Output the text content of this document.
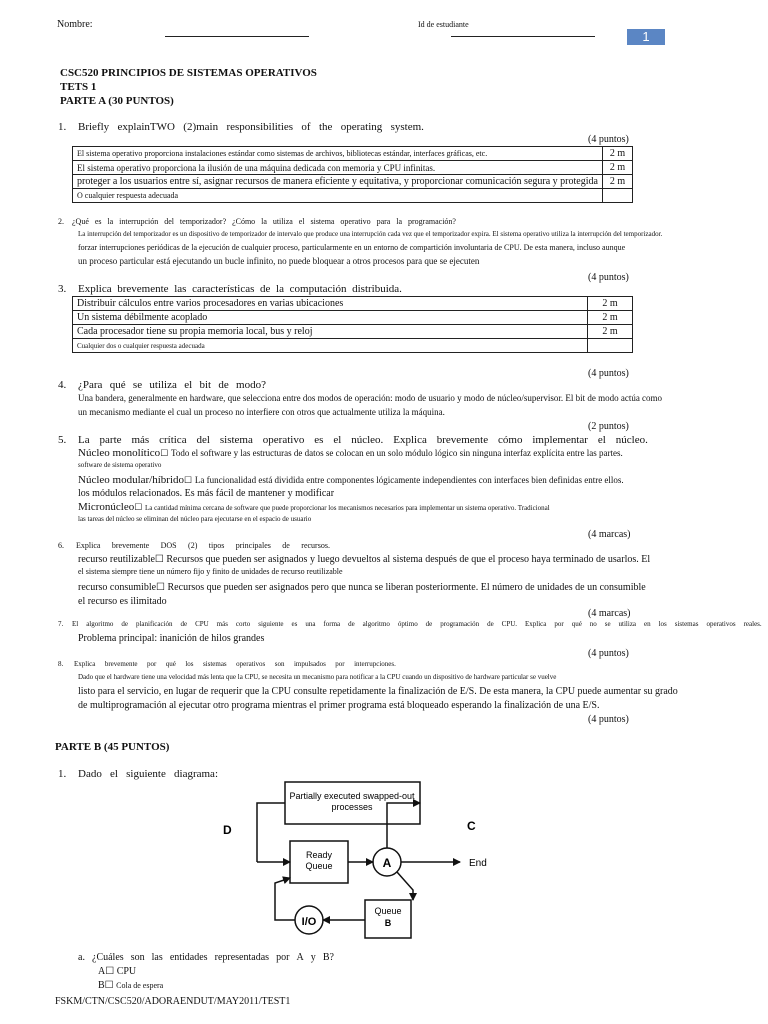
Nombre:	Id de estudiante
1
CSC520 PRINCIPIOS DE SISTEMAS OPERATIVOS
TETS 1
PARTE A (30 PUNTOS)
1. Briefly explainTWO (2)main responsibilities of the operating system.
(4 puntos)
El sistema operativo proporciona instalaciones estándar como sistemas de archivos, bibliotecas estándar, interfaces gráficas, etc.	2 m
El sistema operativo proporciona la ilusión de una máquina dedicada con memoria y CPU infinitas.	2 m
proteger a los usuarios entre sí, asignar recursos de manera eficiente y equitativa, y proporcionar comunicación segura y protegida	2 m
O cualquier respuesta adecuada	
2. ¿Qué es la interrupción del temporizador? ¿Cómo la utiliza el sistema operativo para la programación?
La interrupción del temporizador es un dispositivo de temporizador de intervalo que produce una interrupción cada vez que el temporizador expira. El sistema operativo utiliza la interrupción del temporizador.
forzar interrupciones periódicas de la ejecución de cualquier proceso, particularmente en un entorno de compartición involuntaria de CPU. De esta manera, incluso aunque
un proceso particular está ejecutando un bucle infinito, no puede bloquear a otros procesos para que se ejecuten
(4 puntos)
3. Explica brevemente las características de la computación distribuida.
Distribuir cálculos entre varios procesadores en varias ubicaciones	2 m
Un sistema débilmente acoplado	2 m
Cada procesador tiene su propia memoria local, bus y reloj	2 m
Cualquier dos o cualquier respuesta adecuada	
(4 puntos)
4. ¿Para qué se utiliza el bit de modo?
Una bandera, generalmente en hardware, que selecciona entre dos modos de operación: modo de usuario y modo de núcleo/supervisor. El bit de modo actúa como
un mecanismo mediante el cual un proceso no interfiere con otros que actualmente utiliza la máquina.
(2 puntos)
5. La parte más crítica del sistema operativo es el núcleo. Explica brevemente cómo implementar el núcleo.
Núcleo monolítico☐ Todo el software y las estructuras de datos se colocan en un solo módulo lógico sin ninguna interfaz explícita entre las partes.
software de sistema operativo
Núcleo modular/híbrido☐ La funcionalidad está dividida entre componentes lógicamente independientes con interfaces bien definidas entre ellos.
los módulos relacionados. Es más fácil de mantener y modificar
Micronúcleo☐ La cantidad mínima cercana de software que puede proporcionar los mecanismos necesarios para implementar un sistema operativo. Tradicional
las tareas del núcleo se eliminan del núcleo para ejecutarse en el espacio de usuario
(4 marcas)
6. Explica brevemente DOS (2) tipos principales de recursos.
recurso reutilizable☐ Recursos que pueden ser asignados y luego devueltos al sistema después de que el proceso haya terminado de usarlos. El
el sistema siempre tiene un número fijo y finito de unidades de recurso reutilizable
recurso consumible☐ Recursos que pueden ser asignados pero que nunca se liberan posteriormente. El número de unidades de un consumible
el recurso es ilimitado
(4 marcas)
7. El algoritmo de planificación de CPU más corto siguiente es una forma de algoritmo óptimo de programación de CPU. Explica por qué no se utiliza en los sistemas operativos reales.
Problema principal: inanición de hilos grandes
(4 puntos)
8. Explica brevemente por qué los sistemas operativos son impulsados por interrupciones.
Dado que el hardware tiene una velocidad más lenta que la CPU, se necesita un mecanismo para notificar a la CPU cuando un dispositivo de hardware particular se vuelve
listo para el servicio, en lugar de requerir que la CPU consulte repetidamente la finalización de E/S. De esta manera, la CPU puede aumentar su grado
de multiprogramación al ejecutar otro programa mientras el primer programa está bloqueado esperando la finalización de una E/S.
(4 puntos)
PARTE B (45 PUNTOS)
1. Dado el siguiente diagrama:
Partially executed swapped-out
processes
Ready
Queue	A
I/O
Queue
B
End
D	C
a. ¿Cuáles son las entidades representadas por A y B?
A☐ CPU
B☐ Cola de espera
FSKM/CTN/CSC520/ADORAENDUT/MAY2011/TEST1
